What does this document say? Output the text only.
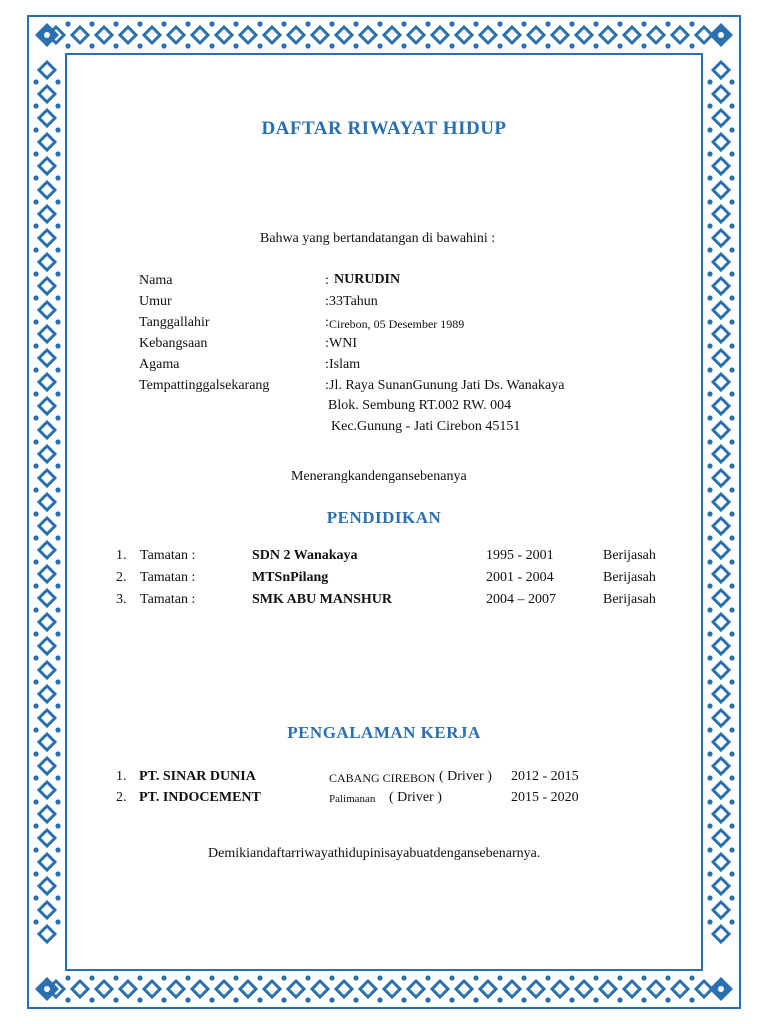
DAFTAR RIWAYAT HIDUP
Bahwa yang bertandatangan di bawahini :
Nama	: NURUDIN
Umur	: 33Tahun
Tanggallahir	: Cirebon, 05 Desember 1989
Kebangsaan	: WNI
Agama	: Islam
Tempattinggalsekarang	: Jl. Raya SunanGunung Jati Ds. Wanakaya
Blok. Sembung RT.002 RW. 004
Kec.Gunung - Jati Cirebon 45151
Menerangkandengansebenanya
PENDIDIKAN
1. Tamatan :	SDN 2 Wanakaya	1995 - 2001	Berijasah
2. Tamatan :	MTSnPilang	2001 - 2004	Berijasah
3. Tamatan :	SMK ABU MANSHUR	2004 – 2007	Berijasah
PENGALAMAN KERJA
1. PT. SINAR DUNIA	CABANG CIREBON ( Driver ) 2012 - 2015
2. PT. INDOCEMENT	Palimanan ( Driver )	2015 - 2020
Demikiandaftarriwayathidupinisayabuatdengansebenarnya.
